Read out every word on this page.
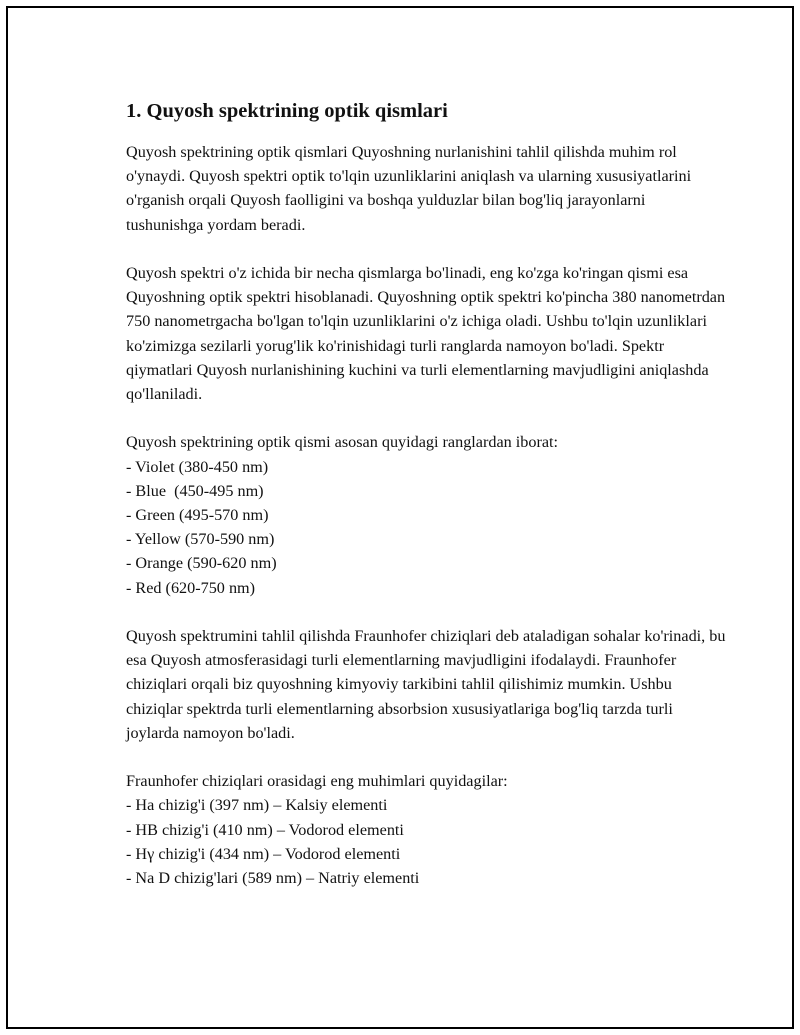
1. Quyosh spektrining optik qismlari

Quyosh spektrining optik qismlari Quyoshning nurlanishini tahlil qilishda muhim rol o'ynaydi. Quyosh spektri optik to'lqin uzunliklarini aniqlash va ularning xususiyatlarini o'rganish orqali Quyosh faolligini va boshqa yulduzlar bilan bog'liq jarayonlarni tushunishga yordam beradi.

Quyosh spektri o'z ichida bir necha qismlarga bo'linadi, eng ko'zga ko'ringan qismi esa Quyoshning optik spektri hisoblanadi. Quyoshning optik spektri ko'pincha 380 nanometrdan 750 nanometrgacha bo'lgan to'lqin uzunliklarini o'z ichiga oladi. Ushbu to'lqin uzunliklari ko'zimizga sezilarli yorug'lik ko'rinishidagi turli ranglarda namoyon bo'ladi. Spektr qiymatlari Quyosh nurlanishining kuchini va turli elementlarning mavjudligini aniqlashda qo'llaniladi.

Quyosh spektrining optik qismi asosan quyidagi ranglardan iborat:

- Violet (380-450 nm)
- Blue  (450-495 nm)
- Green (495-570 nm)
- Yellow (570-590 nm)
- Orange (590-620 nm)
- Red (620-750 nm)

Quyosh spektrumini tahlil qilishda Fraunhofer chiziqlari deb ataladigan sohalar ko'rinadi, bu esa Quyosh atmosferasidagi turli elementlarning mavjudligini ifodalaydi. Fraunhofer chiziqlari orqali biz quyoshning kimyoviy tarkibini tahlil qilishimiz mumkin. Ushbu chiziqlar spektrda turli elementlarning absorbsion xususiyatlariga bog'liq tarzda turli joylarda namoyon bo'ladi.

Fraunhofer chiziqlari orasidagi eng muhimlari quyidagilar:

- Ha chizig'i (397 nm) – Kalsiy elementi
- HB chizig'i (410 nm) – Vodorod elementi
- Hγ chizig'i (434 nm) – Vodorod elementi
- Na D chizig'lari (589 nm) – Natriy elementi
